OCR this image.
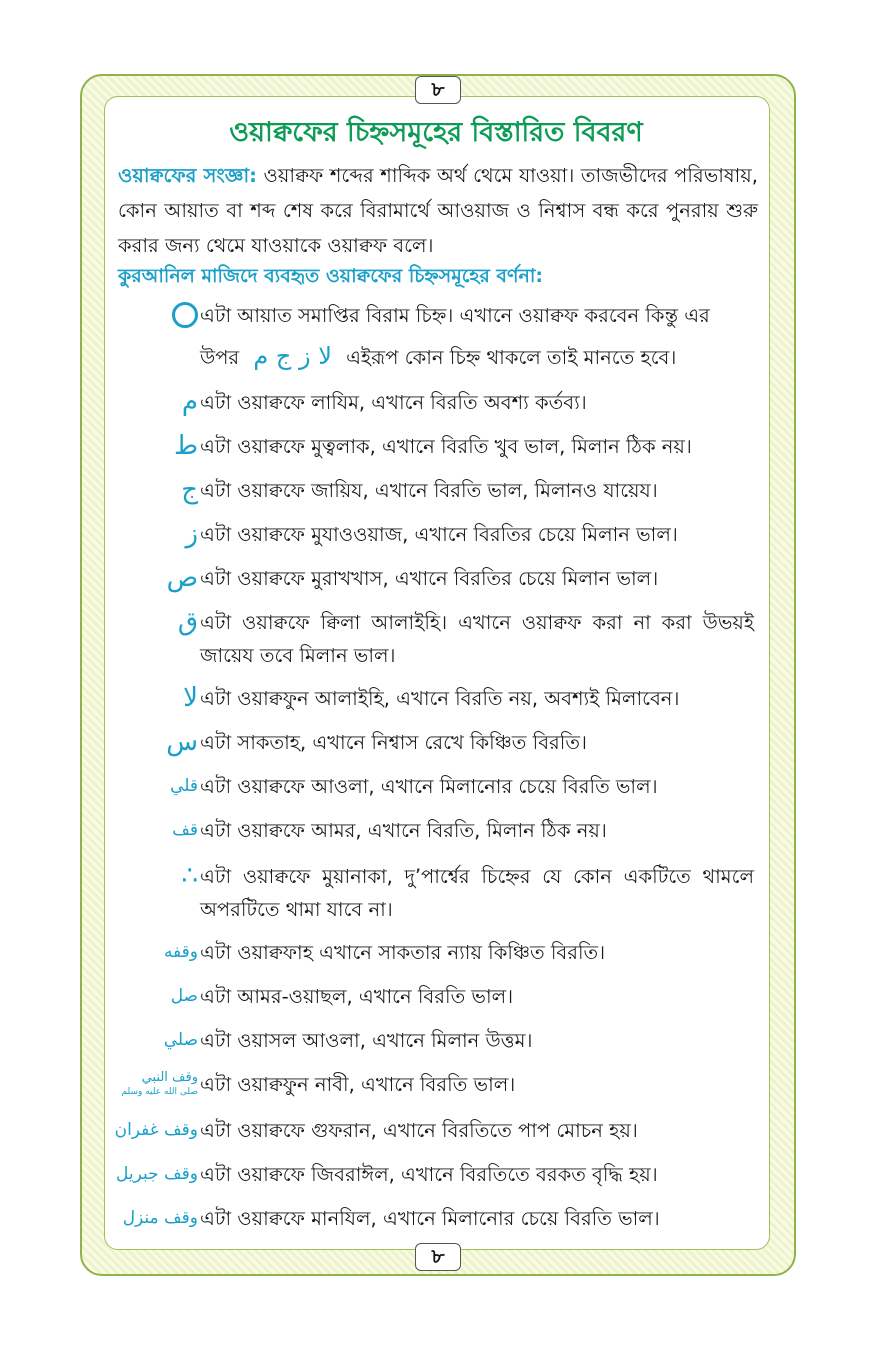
৮
৮
ওয়াক্বফের চিহ্নসমূহের বিস্তারিত বিবরণ
ওয়াক্বফের সংজ্ঞা: ওয়াক্বফ শব্দের শাব্দিক অর্থ থেমে যাওয়া। তাজভীদের পরিভাষায়, কোন আয়াত বা শব্দ শেষ করে বিরামার্থে আওয়াজ ও নিশ্বাস বন্ধ করে পুনরায় শুরু করার জন্য থেমে যাওয়াকে ওয়াক্বফ বলে।
কুরআনিল মাজিদে ব্যবহৃত ওয়াক্বফের চিহ্নসমূহের বর্ণনা:
এটা আয়াত সমাপ্তির বিরাম চিহ্ন। এখানে ওয়াক্বফ করবেন কিন্তু এর
উপর لا ز ج م এইরূপ কোন চিহ্ন থাকলে তাই মানতে হবে।
م এটা ওয়াক্বফে লাযিম, এখানে বিরতি অবশ্য কর্তব্য।
ط এটা ওয়াক্বফে মুত্বলাক, এখানে বিরতি খুব ভাল, মিলান ঠিক নয়।
ج এটা ওয়াক্বফে জায়িয, এখানে বিরতি ভাল, মিলানও যায়েয।
ز এটা ওয়াক্বফে মুযাওওয়াজ, এখানে বিরতির চেয়ে মিলান ভাল।
ص এটা ওয়াক্বফে মুরাখখাস, এখানে বিরতির চেয়ে মিলান ভাল।
ق এটা ওয়াক্বফে ক্বিলা আলাইহি। এখানে ওয়াক্বফ করা না করা উভয়ই জায়েয তবে মিলান ভাল।
لا এটা ওয়াক্বফুন আলাইহি, এখানে বিরতি নয়, অবশ্যই মিলাবেন।
س এটা সাকতাহ, এখানে নিশ্বাস রেখে কিঞ্চিত বিরতি।
قلي এটা ওয়াক্বফে আওলা, এখানে মিলানোর চেয়ে বিরতি ভাল।
قف এটা ওয়াক্বফে আমর, এখানে বিরতি, মিলান ঠিক নয়।
∴ এটা ওয়াক্বফে মুয়ানাকা, দু’পার্শ্বের চিহ্নের যে কোন একটিতে থামলে অপরটিতে থামা যাবে না।
وقفه এটা ওয়াক্বফাহ এখানে সাকতার ন্যায় কিঞ্চিত বিরতি।
صل এটা আমর-ওয়াছল, এখানে বিরতি ভাল।
صلي এটা ওয়াসল আওলা, এখানে মিলান উত্তম।
وقف النبي
صلى الله عليه وسلم এটা ওয়াক্বফুন নাবী, এখানে বিরতি ভাল।
وقف غفران এটা ওয়াক্বফে গুফরান, এখানে বিরতিতে পাপ মোচন হয়।
وقف جبريل এটা ওয়াক্বফে জিবরাঈল, এখানে বিরতিতে বরকত বৃদ্ধি হয়।
وقف منزل এটা ওয়াক্বফে মানযিল, এখানে মিলানোর চেয়ে বিরতি ভাল।
